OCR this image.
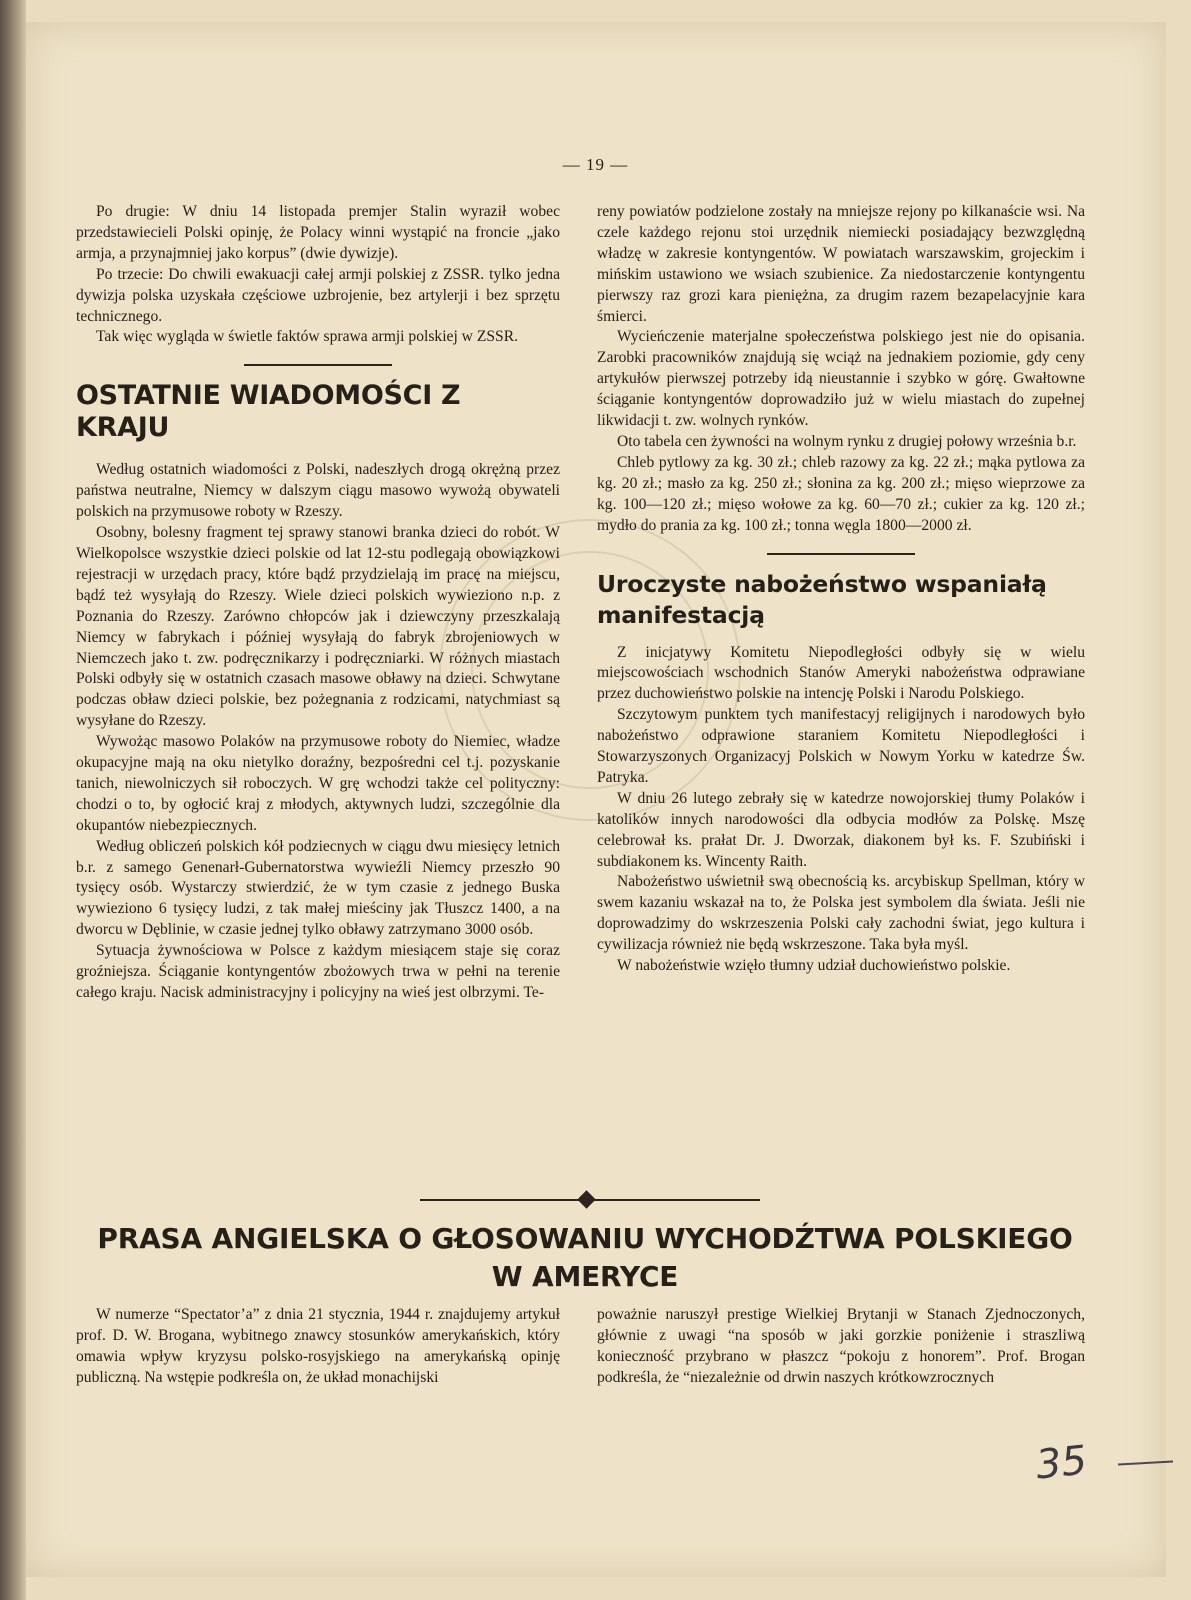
— 19 —

Po drugie: W dniu 14 listopada premjer Stalin wyraził wobec przedstawiecieli Polski opinję, że Polacy winni wystąpić na froncie „jako armja, a przynajmniej jako korpus” (dwie dywizje).

Po trzecie: Do chwili ewakuacji całej armji polskiej z ZSSR. tylko jedna dywizja polska uzyskała częściowe uzbrojenie, bez artylerji i bez sprzętu technicznego.

Tak więc wygląda w świetle faktów sprawa armji polskiej w ZSSR.

OSTATNIE WIADOMOŚCI Z KRAJU

Według ostatnich wiadomości z Polski, nadeszłych drogą okrężną przez państwa neutralne, Niemcy w dalszym ciągu masowo wywożą obywateli polskich na przymusowe roboty w Rzeszy.

Osobny, bolesny fragment tej sprawy stanowi branka dzieci do robót. W Wielkopolsce wszystkie dzieci polskie od lat 12-stu podlegają obowiązkowi rejestracji w urzędach pracy, które bądź przydzielają im pracę na miejscu, bądź też wysyłają do Rzeszy. Wiele dzieci polskich wywieziono n.p. z Poznania do Rzeszy. Zarówno chłopców jak i dziewczyny przeszkalają Niemcy w fabrykach i później wysyłają do fabryk zbrojeniowych w Niemczech jako t. zw. podręcznikarzy i podręczniarki. W różnych miastach Polski odbyły się w ostatnich czasach masowe obławy na dzieci. Schwytane podczas obław dzieci polskie, bez pożegnania z rodzicami, natychmiast są wysyłane do Rzeszy.

Wywożąc masowo Polaków na przymusowe roboty do Niemiec, władze okupacyjne mają na oku nietylko doraźny, bezpośredni cel t.j. pozyskanie tanich, niewolniczych sił roboczych. W grę wchodzi także cel polityczny: chodzi o to, by ogłocić kraj z młodych, aktywnych ludzi, szczególnie dla okupantów niebezpiecznych.

Według obliczeń polskich kół podziecnych w ciągu dwu miesięcy letnich b.r. z samego Genenarł-Gubernatorstwa wywieźli Niemcy przeszło 90 tysięcy osób. Wystarczy stwierdzić, że w tym czasie z jednego Buska wywieziono 6 tysięcy ludzi, z tak małej mieściny jak Tłuszcz 1400, a na dworcu w Dęblinie, w czasie jednej tylko obławy zatrzymano 3000 osób.

Sytuacja żywnościowa w Polsce z każdym miesiącem staje się coraz groźniejsza. Ściąganie kontyngentów zbożowych trwa w pełni na terenie całego kraju. Nacisk administracyjny i policyjny na wieś jest olbrzymi. Te-

reny powiatów podzielone zostały na mniejsze rejony po kilkanaście wsi. Na czele każdego rejonu stoi urzędnik niemiecki posiadający bezwzględną władzę w zakresie kontyngentów. W powiatach warszawskim, grojeckim i mińskim ustawiono we wsiach szubienice. Za niedostarczenie kontyngentu pierwszy raz grozi kara pieniężna, za drugim razem bezapelacyjnie kara śmierci.

Wycieńczenie materjalne społeczeństwa polskiego jest nie do opisania. Zarobki pracowników znajdują się wciąż na jednakiem poziomie, gdy ceny artykułów pierwszej potrzeby idą nieustannie i szybko w górę. Gwałtowne ściąganie kontyngentów doprowadziło już w wielu miastach do zupełnej likwidacji t. zw. wolnych rynków.

Oto tabela cen żywności na wolnym rynku z drugiej połowy września b.r.

Chleb pytlowy za kg. 30 zł.; chleb razowy za kg. 22 zł.; mąka pytlowa za kg. 20 zł.; masło za kg. 250 zł.; słonina za kg. 200 zł.; mięso wieprzowe za kg. 100—120 zł.; mięso wołowe za kg. 60—70 zł.; cukier za kg. 120 zł.; mydło do prania za kg. 100 zł.; tonna węgla 1800—2000 zł.

Uroczyste nabożeństwo wspaniałą manifestacją

Z inicjatywy Komitetu Niepodległości odbyły się w wielu miejscowościach wschodnich Stanów Ameryki nabożeństwa odprawiane przez duchowieństwo polskie na intencję Polski i Narodu Polskiego.

Szczytowym punktem tych manifestacyj religijnych i narodowych było nabożeństwo odprawione staraniem Komitetu Niepodległości i Stowarzyszonych Organizacyj Polskich w Nowym Yorku w katedrze Św. Patryka.

W dniu 26 lutego zebrały się w katedrze nowojorskiej tłumy Polaków i katolików innych narodowości dla odbycia modłów za Polskę. Mszę celebrował ks. prałat Dr. J. Dworzak, diakonem był ks. F. Szubiński i subdiakonem ks. Wincenty Raith.

Nabożeństwo uświetnił swą obecnością ks. arcybiskup Spellman, który w swem kazaniu wskazał na to, że Polska jest symbolem dla świata. Jeśli nie doprowadzimy do wskrzeszenia Polski cały zachodni świat, jego kultura i cywilizacja również nie będą wskrzeszone. Taka była myśl.

W nabożeństwie wzięło tłumny udział duchowieństwo polskie.

PRASA ANGIELSKA O GŁOSOWANIU WYCHODŹTWA POLSKIEGO
W AMERYCE

W numerze “Spectator’a” z dnia 21 stycznia, 1944 r. znajdujemy artykuł prof. D. W. Brogana, wybitnego znawcy stosunków amerykańskich, który omawia wpływ kryzysu polsko-rosyjskiego na amerykańską opinję publiczną. Na wstępie podkreśla on, że układ monachijski

poważnie naruszył prestige Wielkiej Brytanji w Stanach Zjednoczonych, głównie z uwagi “na sposób w jaki gorzkie poniżenie i straszliwą konieczność przybrano w płaszcz “pokoju z honorem”. Prof. Brogan podkreśla, że “niezależnie od drwin naszych krótkowzrocznych

35
